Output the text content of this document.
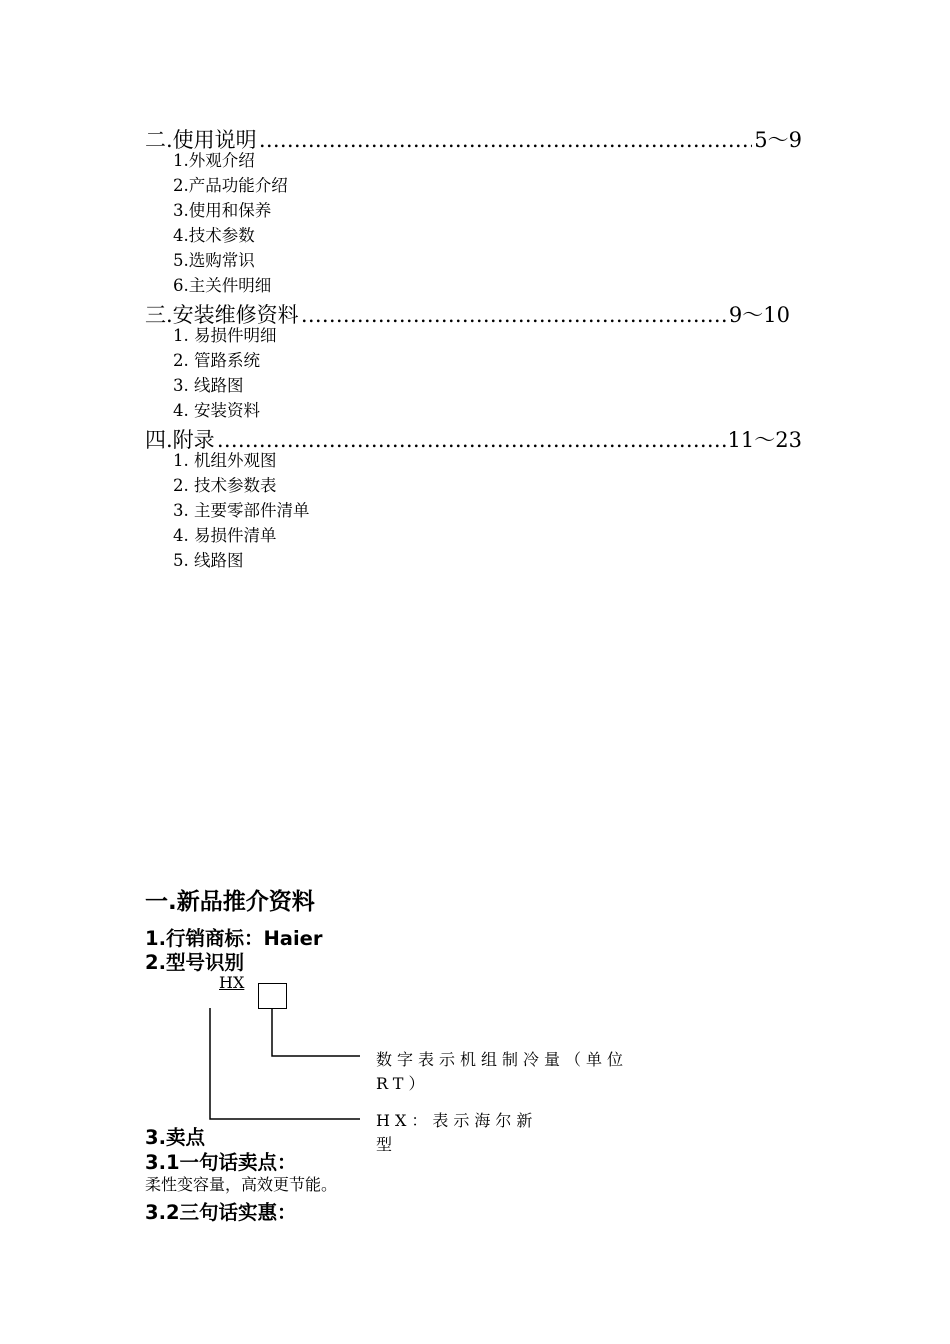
二.使用说明 ………………………………………………………………………………………………………………………………………………………………	5～9
1.外观介绍
2.产品功能介绍
3.使用和保养
4.技术参数
5.选购常识
6.主关件明细
三.安装维修资料 ………………………………………………………………………………………………………………………………………………………………	9～10
1. 易损件明细
2. 管路系统
3. 线路图
4. 安装资料
四.附录 ………………………………………………………………………………………………………………………………………………………………	11～23
1. 机组外观图
2. 技术参数表
3. 主要零部件清单
4. 易损件清单
5. 线路图
一.新品推介资料
1.行销商标：Haier
2.型号识别
HX
数字表示机组制冷量（单位
RT）
HX：表示海尔新
型
3.卖点
3.1一句话卖点：
柔性变容量，高效更节能。
3.2三句话实惠：
